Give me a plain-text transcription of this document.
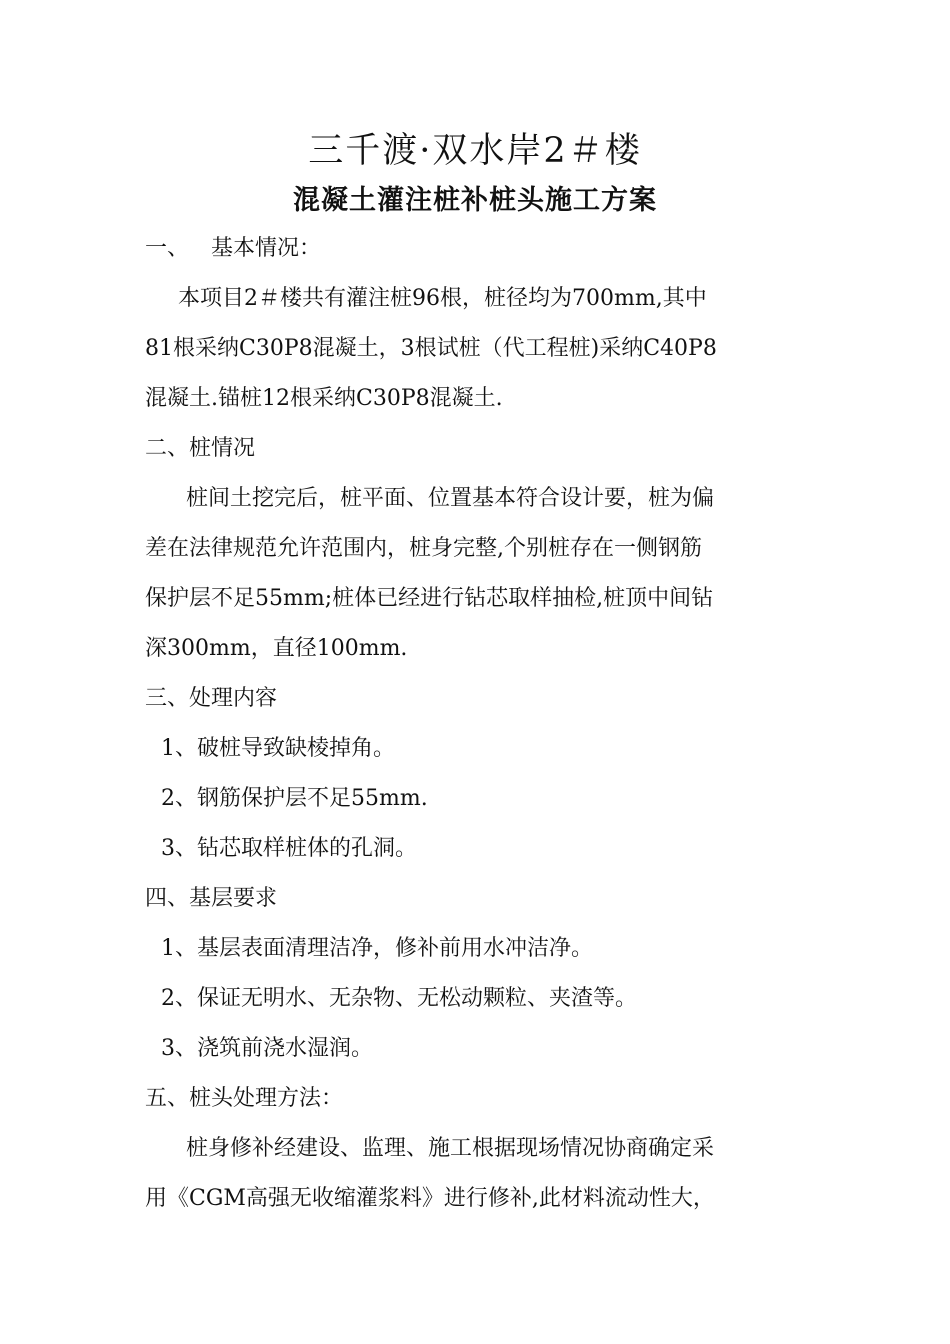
三千渡·双水岸2＃楼
混凝土灌注桩补桩头施工方案
一、 基本情况：
本项目2＃楼共有灌注桩96根，桩径均为700mm,其中
81根采纳C30P8混凝土，3根试桩（代工程桩)采纳C40P8
混凝土.锚桩12根采纳C30P8混凝土.
二、桩情况
桩间土挖完后，桩平面、位置基本符合设计要，桩为偏
差在法律规范允许范围内，桩身完整,个别桩存在一侧钢筋
保护层不足55mm;桩体已经进行钻芯取样抽检,桩顶中间钻
深300mm，直径100mm.
三、处理内容
1、破桩导致缺棱掉角。
2、钢筋保护层不足55mm.
3、钻芯取样桩体的孔洞。
四、基层要求
1、基层表面清理洁净，修补前用水冲洁净。
2、保证无明水、无杂物、无松动颗粒、夹渣等。
3、浇筑前浇水湿润。
五、桩头处理方法：
桩身修补经建设、监理、施工根据现场情况协商确定采
用《CGM高强无收缩灌浆料》进行修补,此材料流动性大，
